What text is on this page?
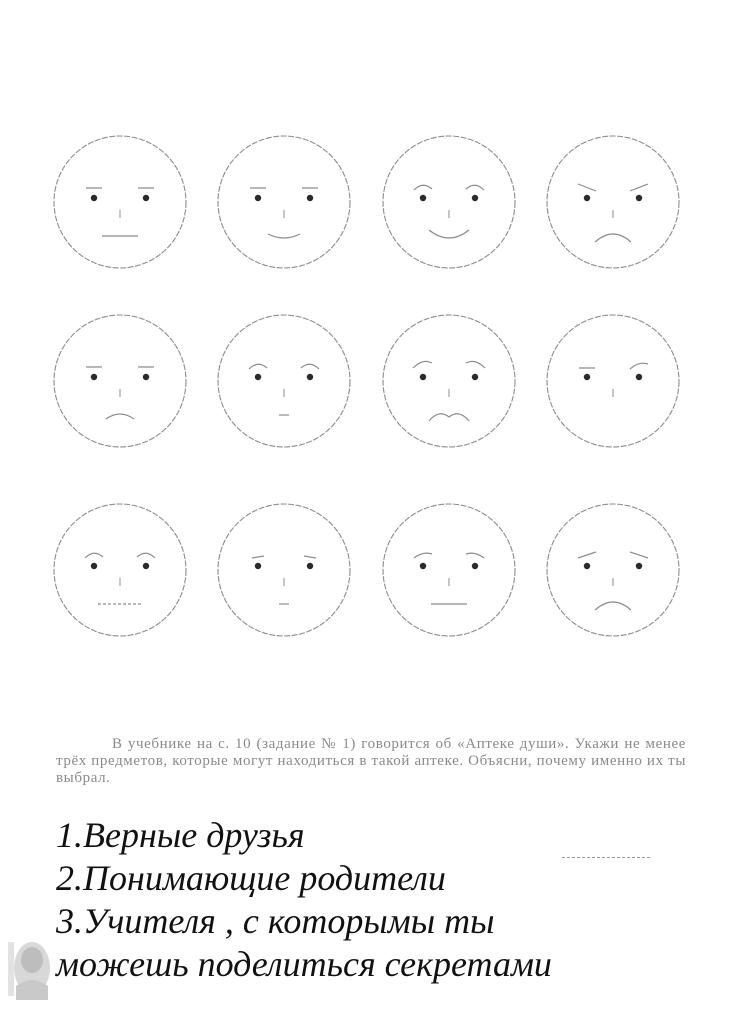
В учебнике на с. 10 (задание № 1) говорится об «Аптеке души». Укажи не менее трёх предметов, которые могут находиться в такой аптеке. Объясни, почему именно их ты выбрал.

1.Верные друзья

2.Понимающие родители

3.Учителя , с которымы ты

можешь поделиться секретами
